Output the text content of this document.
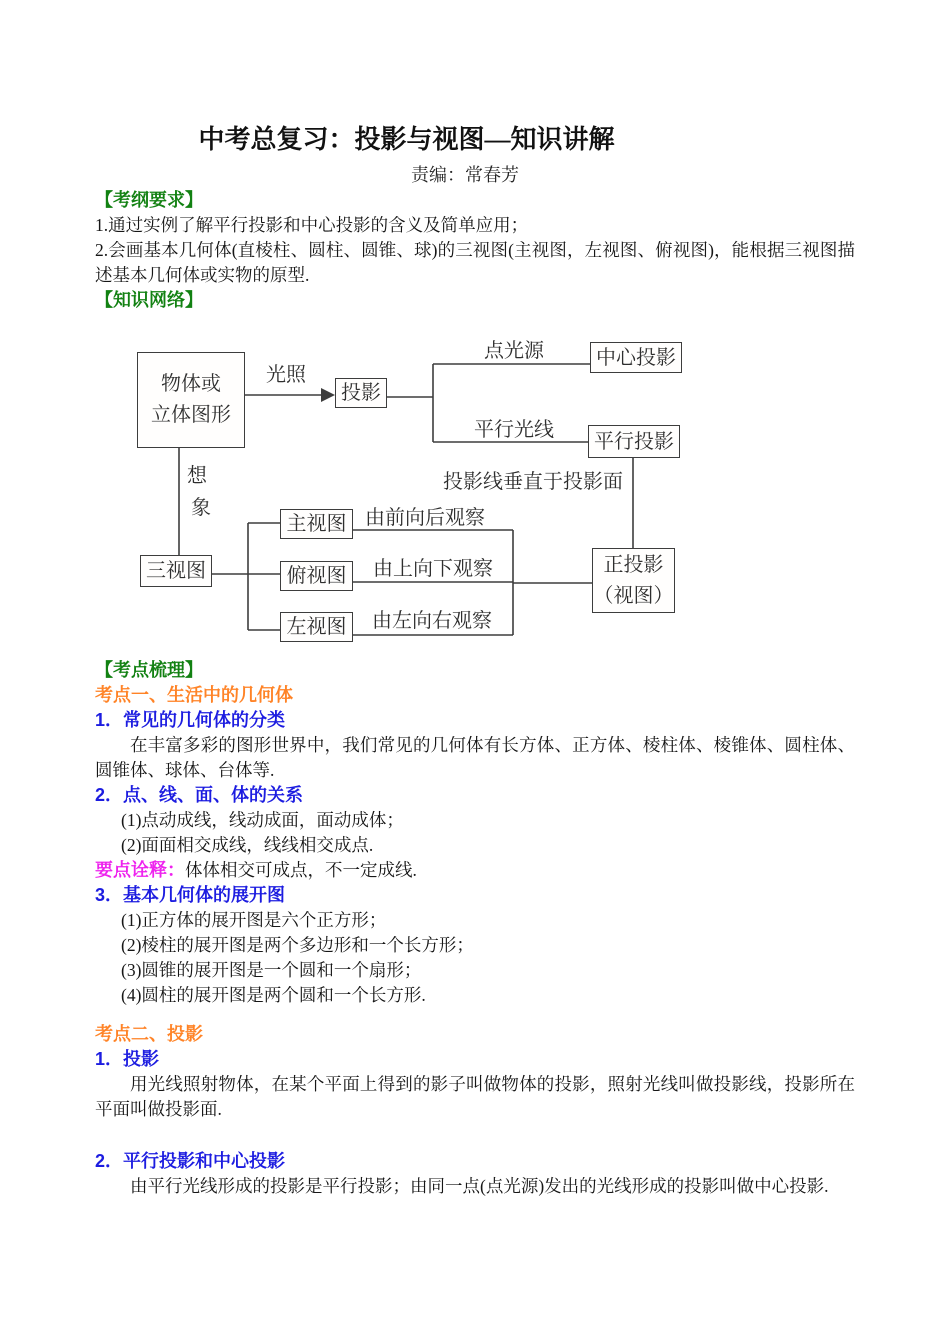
中考总复习：投影与视图—知识讲解
责编：常春芳
【考纲要求】

1.通过实例了解平行投影和中心投影的含义及简单应用；

2.会画基本几何体(直棱柱、圆柱、圆锥、球)的三视图(主视图，左视图、俯视图)，能根据三视图描述基本几何体或实物的原型.

【知识网络】
物体或
立体图形
投影
中心投影
平行投影
三视图
主视图
俯视图
左视图
正投影
（视图）
光照
点光源
平行光线
投影线垂直于投影面
想
象	由前向后观察
由上向下观察
由左向右观察
【考点梳理】
考点一、生活中的几何体
1．常见的几何体的分类

在丰富多彩的图形世界中，我们常见的几何体有长方体、正方体、棱柱体、棱锥体、圆柱体、圆锥体、球体、台体等.

2．点、线、面、体的关系

(1)点动成线，线动成面，面动成体；

(2)面面相交成线，线线相交成点.

要点诠释：体体相交可成点，不一定成线.

3．基本几何体的展开图

(1)正方体的展开图是六个正方形；

(2)棱柱的展开图是两个多边形和一个长方形；

(3)圆锥的展开图是一个圆和一个扇形；

(4)圆柱的展开图是两个圆和一个长方形.

考点二、投影
1．投影

用光线照射物体，在某个平面上得到的影子叫做物体的投影，照射光线叫做投影线，投影所在平面叫做投影面.

2．平行投影和中心投影

由平行光线形成的投影是平行投影；由同一点(点光源)发出的光线形成的投影叫做中心投影.
